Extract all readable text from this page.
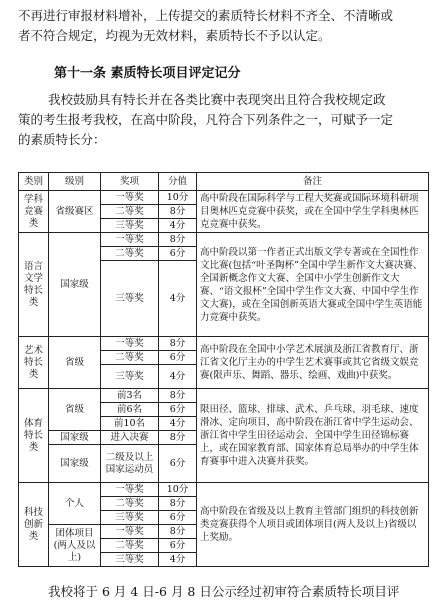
不再进行审报材料增补，上传提交的素质特长材料不齐全、不清晰或
者不符合规定，均视为无效材料，素质特长不予以认定。
第十一条 素质特长项目评定记分
我校鼓励具有特长并在各类比赛中表现突出且符合我校规定政
策的考生报考我校，在高中阶段，凡符合下列条件之一，可赋予一定
的素质特长分：
类别	级别	奖项	分值	备注
学科竞赛类	省级赛区	一等奖	10分	高中阶段在国际科学与工程大奖赛或国际环境科研项目奥林匹克竞赛中获奖，或在全国中学生学科奥林匹克竞赛中获奖。
		二等奖	8分	
		三等奖	4分	
语言文学特长类	国家级	一等奖	8分	高中阶段以第一作者正式出版文学专著或在全国性作文比赛(包括“叶圣陶杯”全国中学生新作文大赛决赛、全国新概念作文大赛、全国中小学生创新作文大赛、“语文报杯”全国中学生作文大赛、中国中学生作文大赛)，或在全国创新英语大赛或全国中学生英语能力竞赛中获奖。
		二等奖	6分	
		三等奖	4分	
艺术特长类	省级	一等奖	8分	高中阶段在全国中小学艺术展演及浙江省教育厅、浙江省文化厅主办的中学生艺术赛事或其它省级文娱竞赛(限声乐、舞蹈、器乐、绘画、戏曲)中获奖。
		二等奖	6分	
		三等奖	4分	
体育特长类	省级	前3名	8分	限田径、篮球、排球、武术、乒乓球、羽毛球、速度滑冰、定向项目，高中阶段在浙江省中学生运动会、浙江省中学生田径运动会、全国中学生田径锦标赛上，或在国家教育部、国家体育总局举办的中学生体育赛事中进入决赛并获奖。
		前6名	6分	
		前10名	4分	
	国家级	进入决赛	8分	
	国家级	二级及以上国家运动员	6分	
科技创新类	个人	一等奖	10分	高中阶段在省级及以上教育主管部门组织的科技创新类竞赛获得个人项目或团体项目(两人及以上)省级以上奖励。
		二等奖	8分	
		三等奖	6分	
	团体项目(两人及以上)	一等奖	8分	
		二等奖	6分	
		三等奖	4分	
我校将于 6 月 4 日-6 月 8 日公示经过初审符合素质特长项目评
